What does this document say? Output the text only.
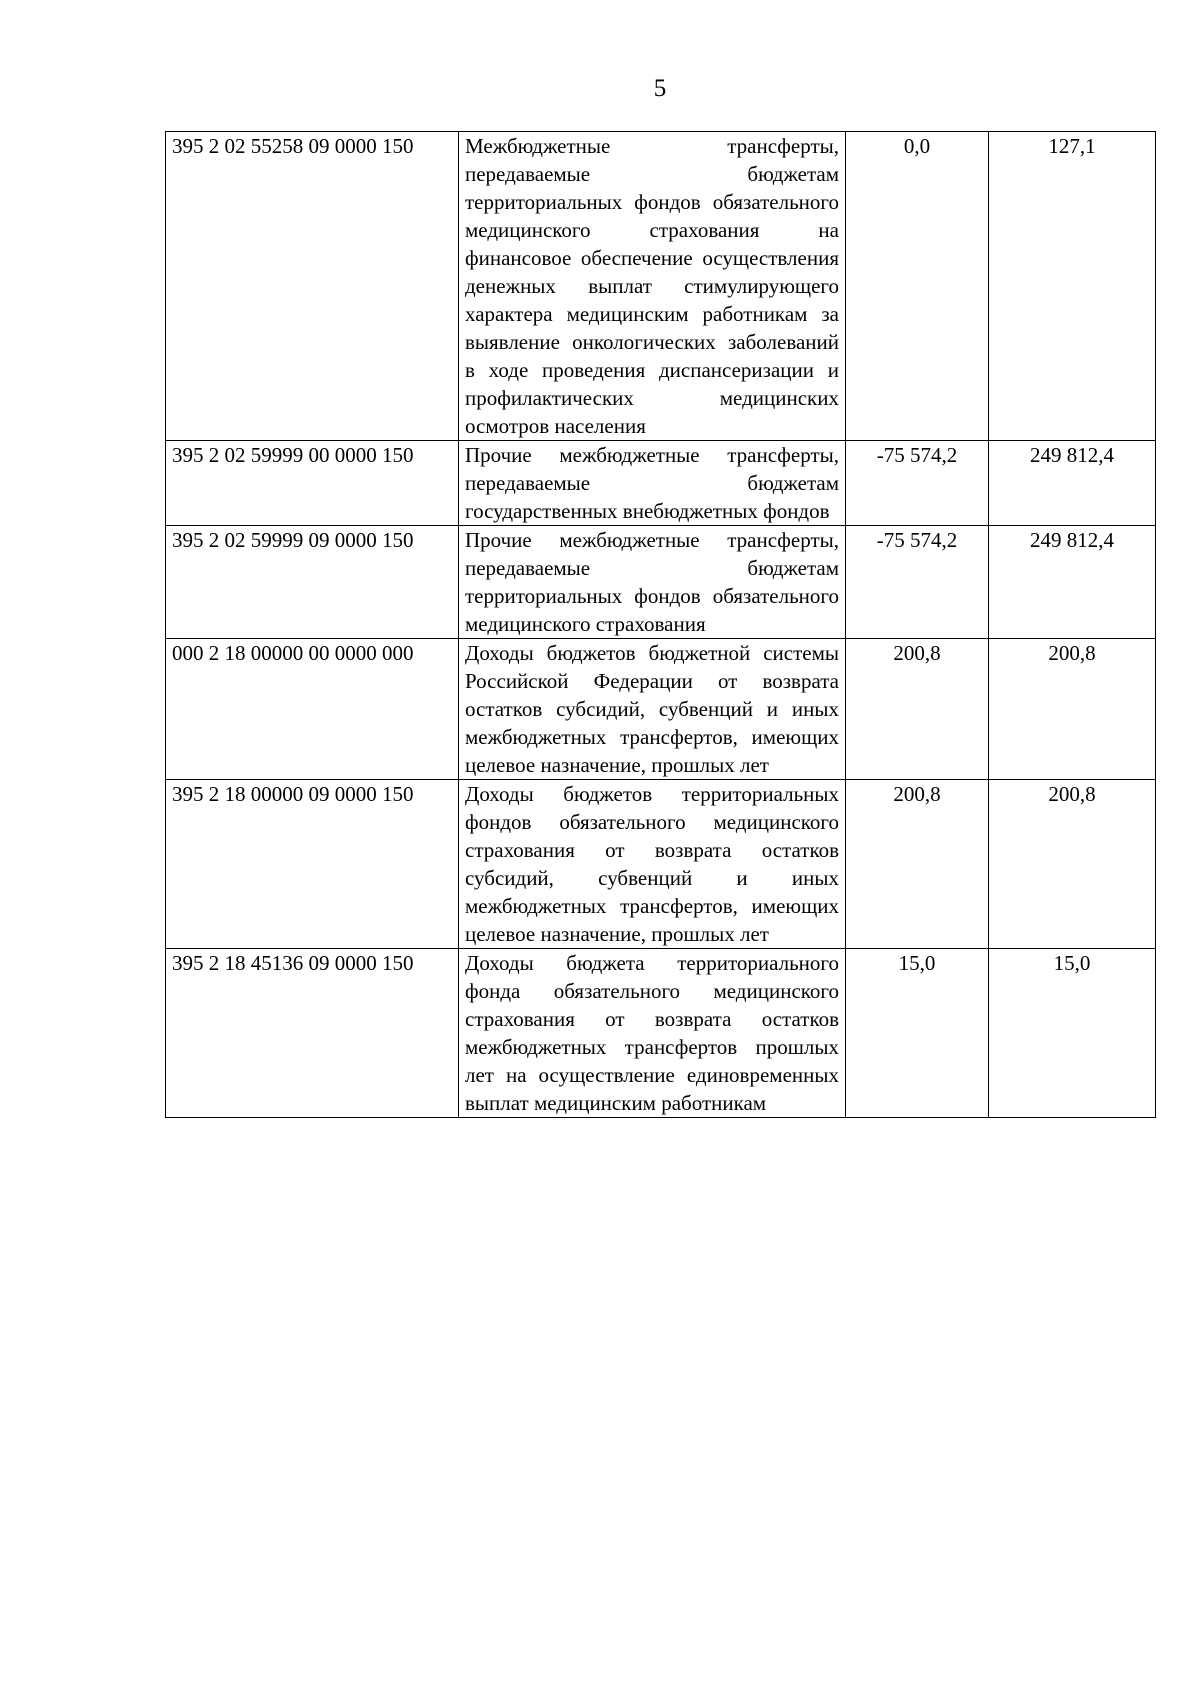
5
395 2 02 55258 09 0000 150	Межбюджетные трансферты, передаваемые бюджетам территориальных фондов обязательного медицинского страхования на финансовое обеспечение осуществления денежных выплат стимулирующего характера медицинским работникам за выявление онкологических заболеваний в ходе проведения диспансеризации и профилактических медицинских осмотров населения	0,0	127,1
395 2 02 59999 00 0000 150	Прочие межбюджетные трансферты, передаваемые бюджетам государственных внебюджетных фондов	-75 574,2	249 812,4
395 2 02 59999 09 0000 150	Прочие межбюджетные трансферты, передаваемые бюджетам территориальных фондов обязательного медицинского страхования	-75 574,2	249 812,4
000 2 18 00000 00 0000 000	Доходы бюджетов бюджетной системы Российской Федерации от возврата остатков субсидий, субвенций и иных межбюджетных трансфертов, имеющих целевое назначение, прошлых лет	200,8	200,8
395 2 18 00000 09 0000 150	Доходы бюджетов территориальных фондов обязательного медицинского страхования от возврата остатков субсидий, субвенций и иных межбюджетных трансфертов, имеющих целевое назначение, прошлых лет	200,8	200,8
395 2 18 45136 09 0000 150	Доходы бюджета территориального фонда обязательного медицинского страхования от возврата остатков межбюджетных трансфертов прошлых лет на осуществление единовременных выплат медицинским работникам	15,0	15,0
